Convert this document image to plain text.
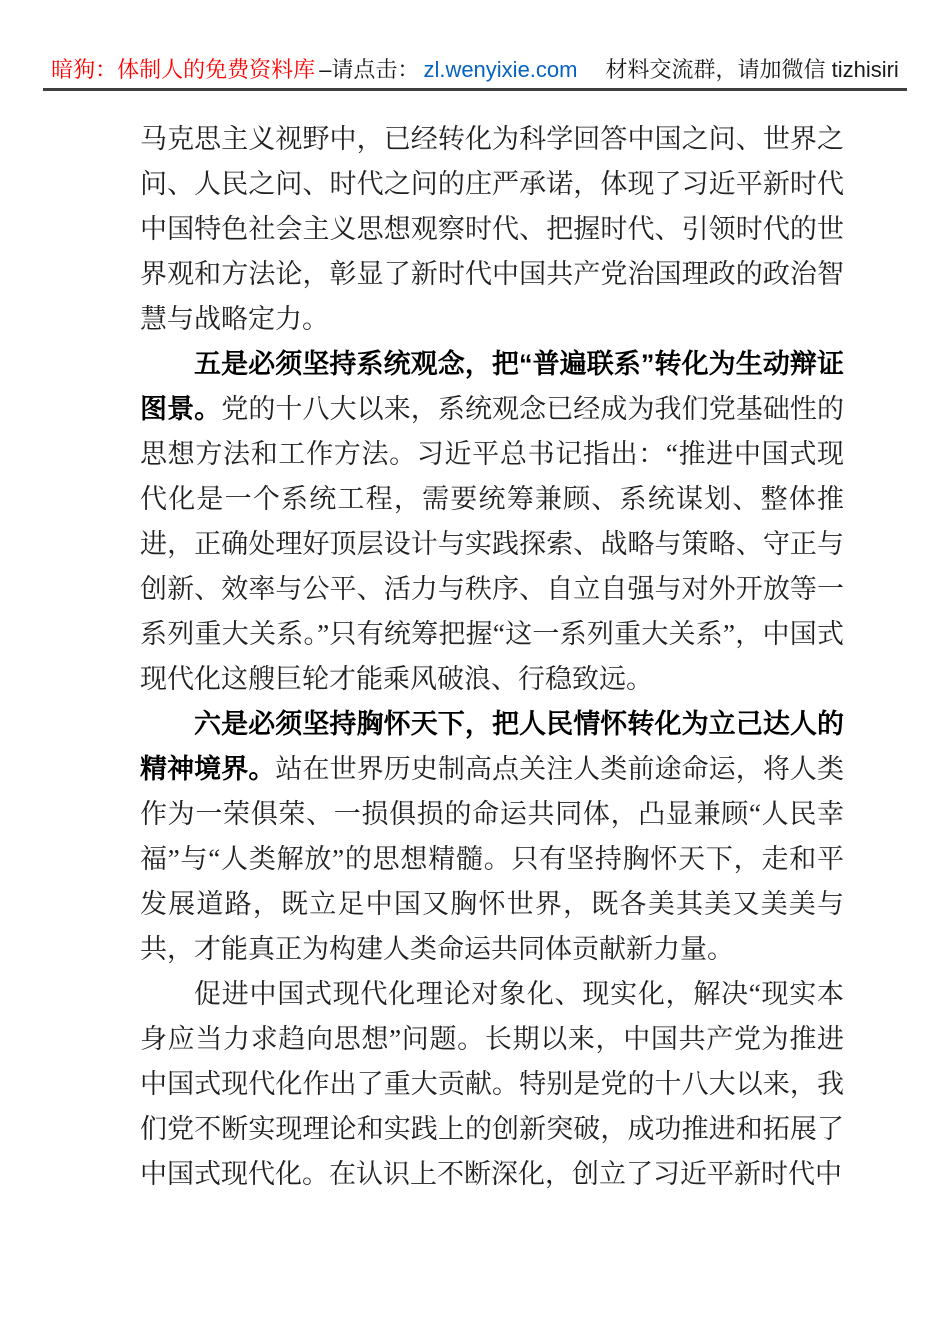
暗狗：体制人的免费资料库 –请点击： zl.wenyixie.com 材料交流群，请加微信 tizhisiri

马克思主义视野中，已经转化为科学回答中国之问、世界之问、人民之问、时代之问的庄严承诺，体现了习近平新时代中国特色社会主义思想观察时代、把握时代、引领时代的世界观和方法论，彰显了新时代中国共产党治国理政的政治智慧与战略定力。

五是必须坚持系统观念，把“普遍联系”转化为生动辩证图景。党的十八大以来，系统观念已经成为我们党基础性的思想方法和工作方法。习近平总书记指出：“推进中国式现代化是一个系统工程，需要统筹兼顾、系统谋划、整体推进，正确处理好顶层设计与实践探索、战略与策略、守正与创新、效率与公平、活力与秩序、自立自强与对外开放等一系列重大关系。”只有统筹把握“这一系列重大关系”，中国式现代化这艘巨轮才能乘风破浪、行稳致远。

六是必须坚持胸怀天下，把人民情怀转化为立己达人的精神境界。站在世界历史制高点关注人类前途命运，将人类作为一荣俱荣、一损俱损的命运共同体，凸显兼顾“人民幸福”与“人类解放”的思想精髓。只有坚持胸怀天下，走和平发展道路，既立足中国又胸怀世界，既各美其美又美美与共，才能真正为构建人类命运共同体贡献新力量。

促进中国式现代化理论对象化、现实化，解决“现实本身应当力求趋向思想”问题。长期以来，中国共产党为推进中国式现代化作出了重大贡献。特别是党的十八大以来，我们党不断实现理论和实践上的创新突破，成功推进和拓展了中国式现代化。在认识上不断深化，创立了习近平新时代中
